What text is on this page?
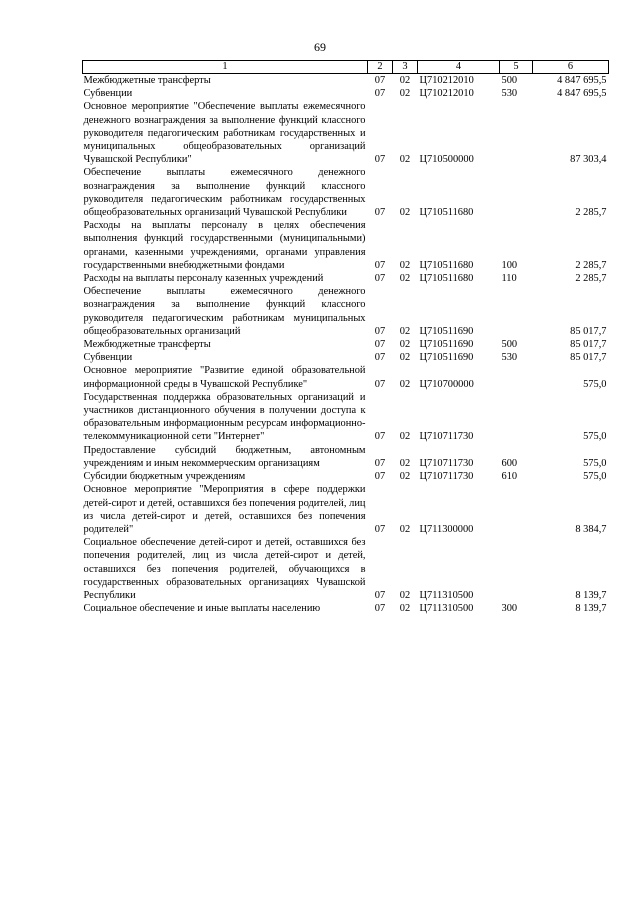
69
1	2	3	4	5	6
Межбюджетные трансферты	07	02	Ц710212010	500	4 847 695,5
Субвенции	07	02	Ц710212010	530	4 847 695,5
Основное мероприятие "Обеспечение выплаты ежемесячного денежного вознаграждения за выполнение функций классного руководителя педагогическим работникам государственных и муниципальных общеобразовательных организаций Чувашской Республики"	07	02	Ц710500000		87 303,4
Обеспечение выплаты ежемесячного денежного вознаграждения за выполнение функций классного руководителя педагогическим работникам государственных общеобразовательных организаций Чувашской Республики	07	02	Ц710511680		2 285,7
Расходы на выплаты персоналу в целях обеспечения выполнения функций государственными (муниципальными) органами, казенными учреждениями, органами управления государственными внебюджетными фондами	07	02	Ц710511680	100	2 285,7
Расходы на выплаты персоналу казенных учреждений	07	02	Ц710511680	110	2 285,7
Обеспечение выплаты ежемесячного денежного вознаграждения за выполнение функций классного руководителя педагогическим работникам муниципальных общеобразовательных организаций	07	02	Ц710511690		85 017,7
Межбюджетные трансферты	07	02	Ц710511690	500	85 017,7
Субвенции	07	02	Ц710511690	530	85 017,7
Основное мероприятие "Развитие единой образовательной информационной среды в Чувашской Республике"	07	02	Ц710700000		575,0
Государственная поддержка образовательных организаций и участников дистанционного обучения в получении доступа к образовательным информационным ресурсам информационно-телекоммуникационной сети "Интернет"	07	02	Ц710711730		575,0
Предоставление субсидий бюджетным, автономным учреждениям и иным некоммерческим организациям	07	02	Ц710711730	600	575,0
Субсидии бюджетным учреждениям	07	02	Ц710711730	610	575,0
Основное мероприятие "Мероприятия в сфере поддержки детей-сирот и детей, оставшихся без попечения родителей, лиц из числа детей-сирот и детей, оставшихся без попечения родителей"	07	02	Ц711300000		8 384,7
Социальное обеспечение детей-сирот и детей, оставшихся без попечения родителей, лиц из числа детей-сирот и детей, оставшихся без попечения родителей, обучающихся в государственных образовательных организациях Чувашской Республики	07	02	Ц711310500		8 139,7
Социальное обеспечение и иные выплаты населению	07	02	Ц711310500	300	8 139,7
